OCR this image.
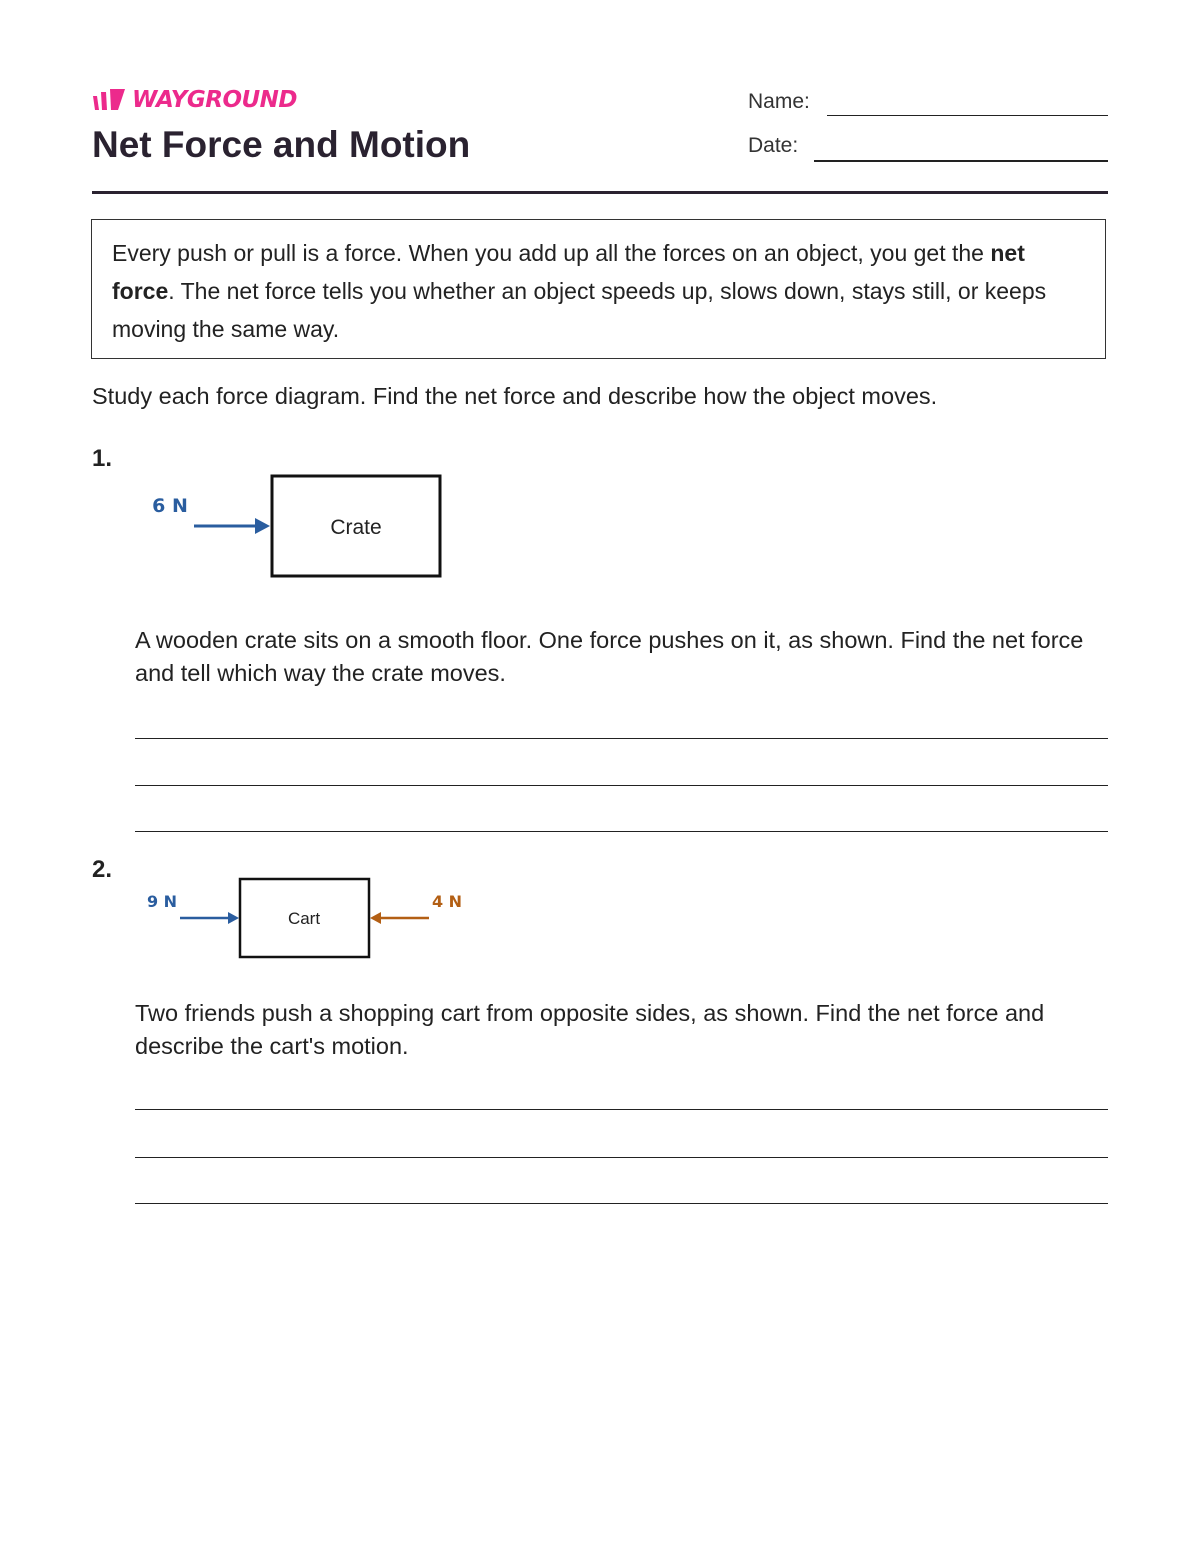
WAYGROUND
Net Force and Motion
Name:
Date:
Every push or pull is a force. When you add up all the forces on an object, you get the net force. The net force tells you whether an object speeds up, slows down, stays still, or keeps moving the same way.
Study each force diagram. Find the net force and describe how the object moves.
1.
Crate
6 N
A wooden crate sits on a smooth floor. One force pushes on it, as shown. Find the net force and tell which way the crate moves.
2.
Cart
9 N	4 N
Two friends push a shopping cart from opposite sides, as shown. Find the net force and describe the cart's motion.
